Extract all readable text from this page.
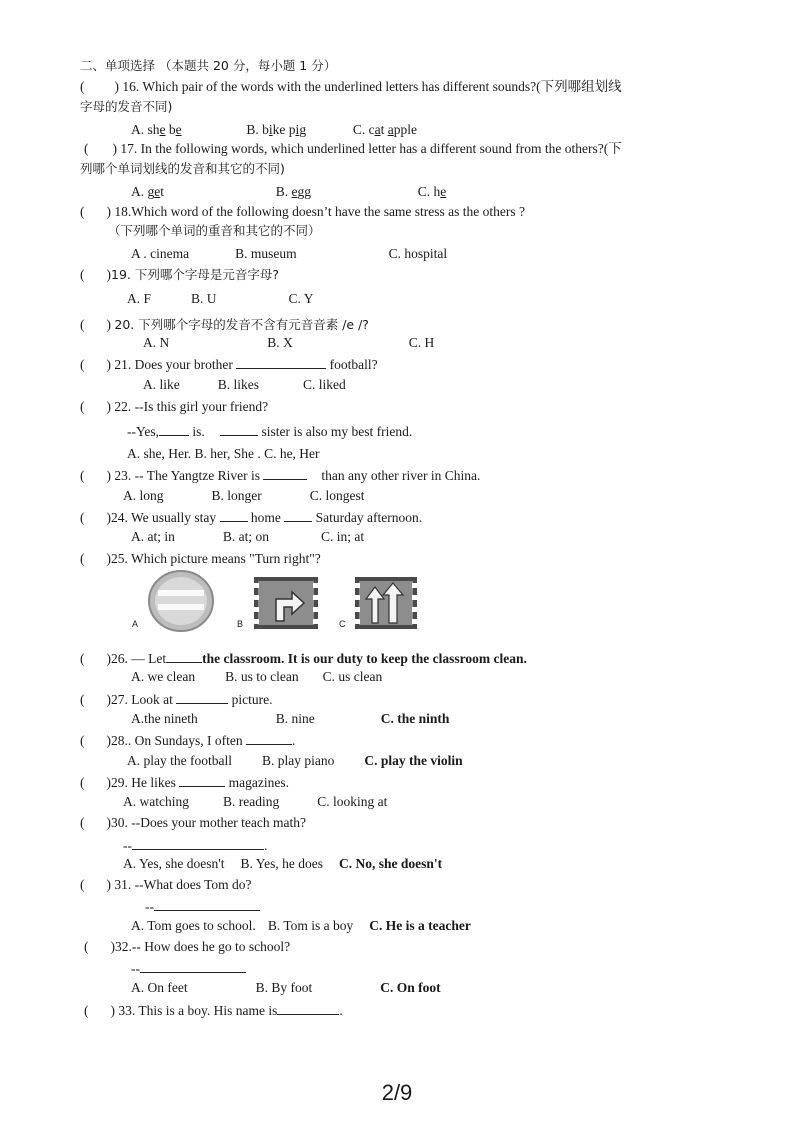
二、单项选择 （本题共 20 分，每小题 1 分）
( ) 16. Which pair of the words with the underlined letters has different sounds?(下列哪组划线
字母的发音不同)
A. she be	B. bike pig	C. cat apple
( ) 17. In the following words, which underlined letter has a different sound from the others?(下
列哪个单词划线的发音和其它的不同)
A. get	B. egg	C. he
( ) 18.Which word of the following doesn’t have the same stress as the others ?
（下列哪个单词的重音和其它的不同）
A . cinema	B. museum	C. hospital
( )19. 下列哪个字母是元音字母?
A. F	B. U	C. Y
( ) 20. 下列哪个字母的发音不含有元音音素 /e /?
A. N	B. X	C. H
( ) 21. Does your brother	football?
A. like	B. likes	C. liked
( ) 22. --Is this girl your friend?
--Yes, is.	sister is also my best friend.
A. she, Her. B. her, She . C. he, Her
( ) 23. -- The Yangtze River is	than any other river in China.
A. long	B. longer	C. longest
( )24. We usually stay	home	Saturday afternoon.
A. at; in	B. at; on	C. in; at
( )25. Which picture means "Turn right"?
A	B	C
( )26. — Let	the classroom. It is our duty to keep the classroom clean.
A. we clean B. us to clean C. us clean
( )27. Look at	picture.
A.the nineth	B. nine	C. the ninth
( )28.. On Sundays, I often	.
A. play the football B. play piano C. play the violin
( )29. He likes	magazines.
A. watching	B. reading	C. looking at
( )30. --Does your mother teach math?
--	.
A. Yes, she doesn't B. Yes, he does C. No, she doesn't
( ) 31. --What does Tom do?
--
A. Tom goes to school. B. Tom is a boy C. He is a teacher
( )32.-- How does he go to school?
--
A. On feet	B. By foot	C. On foot
( ) 33. This is a boy. His name is	.
2/9
